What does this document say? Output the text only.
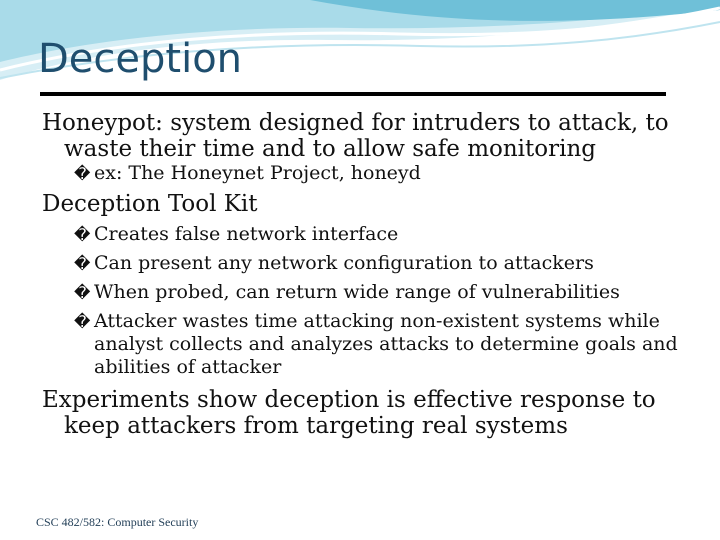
Deception

Honeypot: system designed for intruders to attack, to waste their time and to allow safe monitoring

� ex: The Honeynet Project, honeyd

Deception Tool Kit

� Creates false network interface

� Can present any network configuration to attackers

� When probed, can return wide range of vulnerabilities

� Attacker wastes time attacking non-existent systems while analyst collects and analyzes attacks to determine goals and abilities of attacker

Experiments show deception is effective response to keep attackers from targeting real systems

CSC 482/582: Computer Security
